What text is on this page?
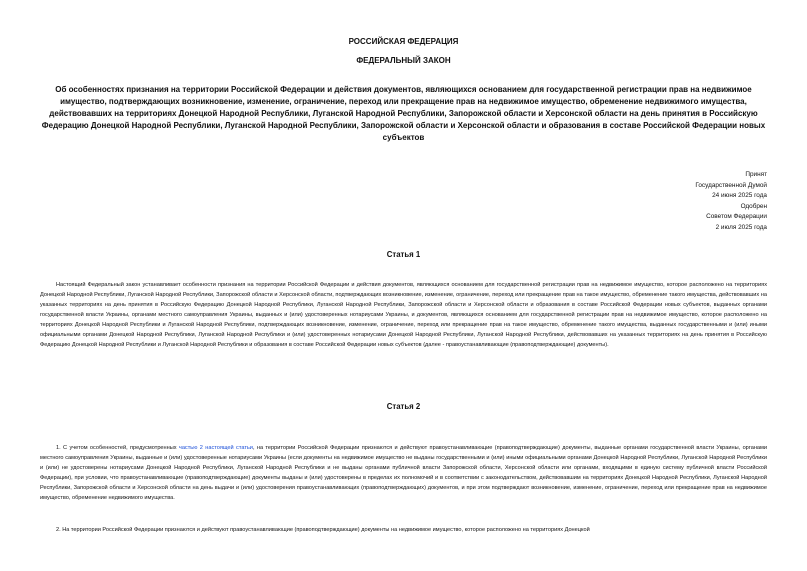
РОССИЙСКАЯ ФЕДЕРАЦИЯ
ФЕДЕРАЛЬНЫЙ ЗАКОН
Об особенностях признания на территории Российской Федерации и действия документов, являющихся основанием для государственной регистрации прав на недвижимое имущество, подтверждающих возникновение, изменение, ограничение, переход или прекращение прав на недвижимое имущество, обременение недвижимого имущества, действовавших на территориях Донецкой Народной Республики, Луганской Народной Республики, Запорожской области и Херсонской области на день принятия в Российскую Федерацию Донецкой Народной Республики, Луганской Народной Республики, Запорожской области и Херсонской области и образования в составе Российской Федерации новых субъектов
Принят
Государственной Думой
24 июня 2025 года
Одобрен
Советом Федерации
2 июля 2025 года
Статья 1

Настоящий Федеральный закон устанавливает особенности признания на территории Российской Федерации и действия документов, являющихся основанием для государственной регистрации прав на недвижимое имущество, которое расположено на территориях Донецкой Народной Республики, Луганской Народной Республики, Запорожской области и Херсонской области, подтверждающих возникновение, изменение, ограничение, переход или прекращение прав на такое имущество, обременение такого имущества, действовавших на указанных территориях на день принятия в Российскую Федерацию Донецкой Народной Республики, Луганской Народной Республики, Запорожской области и Херсонской области и образования в составе Российской Федерации новых субъектов, выданных органами государственной власти Украины, органами местного самоуправления Украины, выданных и (или) удостоверенных нотариусами Украины, и документов, являющихся основанием для государственной регистрации прав на недвижимое имущество, которое расположено на территориях Донецкой Народной Республики и Луганской Народной Республики, подтверждающих возникновение, изменение, ограничение, переход или прекращение прав на такое имущество, обременение такого имущества, выданных государственными и (или) иными официальными органами Донецкой Народной Республики, Луганской Народной Республики и (или) удостоверенных нотариусами Донецкой Народной Республики, Луганской Народной Республики, действовавших на указанных территориях на день принятия в Российскую Федерацию Донецкой Народной Республики и Луганской Народной Республики и образования в составе Российской Федерации новых субъектов (далее - правоустанавливающие (правоподтверждающие) документы).

Статья 2

1. С учетом особенностей, предусмотренных частью 2 настоящей статьи, на территории Российской Федерации признаются и действуют правоустанавливающие (правоподтверждающие) документы, выданные органами государственной власти Украины, органами местного самоуправления Украины, выданные и (или) удостоверенные нотариусами Украины (если документы на недвижимое имущество не выданы государственными и (или) иными официальными органами Донецкой Народной Республики, Луганской Народной Республики и (или) не удостоверены нотариусами Донецкой Народной Республики, Луганской Народной Республики и не выданы органами публичной власти Запорожской области, Херсонской области или органами, входящими в единую систему публичной власти Российской Федерации), при условии, что правоустанавливающие (правоподтверждающие) документы выданы и (или) удостоверены в пределах их полномочий и в соответствии с законодательством, действовавшим на территориях Донецкой Народной Республики, Луганской Народной Республики, Запорожской области и Херсонской области на день выдачи и (или) удостоверения правоустанавливающих (правоподтверждающих) документов, и при этом подтверждают возникновение, изменение, ограничение, переход или прекращение прав на недвижимое имущество, обременение недвижимого имущества.

2. На территории Российской Федерации признаются и действуют правоустанавливающие (правоподтверждающие) документы на недвижимое имущество, которое расположено на территориях Донецкой
